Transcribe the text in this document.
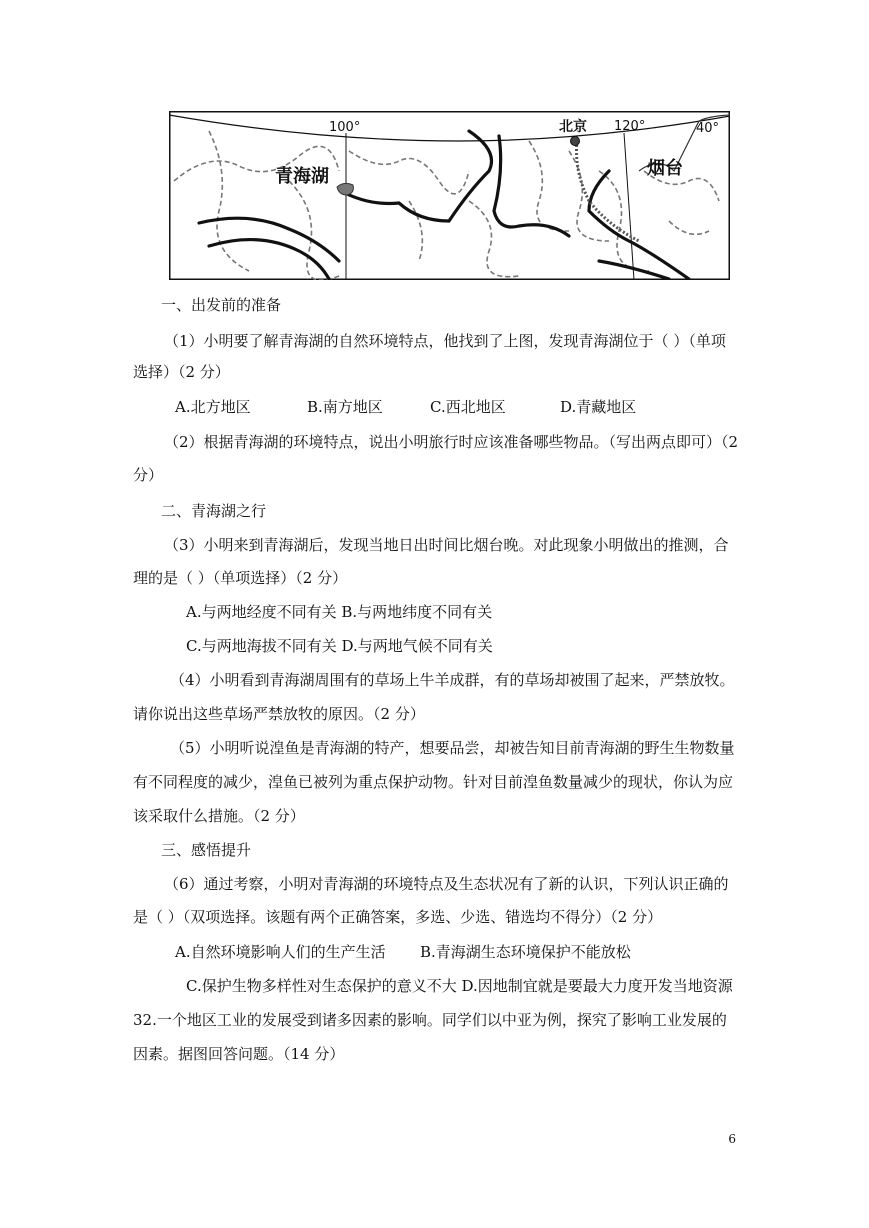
100°	120°	40°
北京
青海湖	烟台
一、出发前的准备
（1）小明要了解青海湖的自然环境特点，他找到了上图，发现青海湖位于（ ）（单项
选择）（2 分）
A.北方地区	B.南方地区	C.西北地区	D.青藏地区
（2）根据青海湖的环境特点，说出小明旅行时应该准备哪些物品。（写出两点即可）（2
分）
二、青海湖之行
（3）小明来到青海湖后，发现当地日出时间比烟台晚。对此现象小明做出的推测，合
理的是（ ）（单项选择）（2 分）
A.与两地经度不同有关 B.与两地纬度不同有关
C.与两地海拔不同有关 D.与两地气候不同有关
（4）小明看到青海湖周围有的草场上牛羊成群，有的草场却被围了起来，严禁放牧。
请你说出这些草场严禁放牧的原因。（2 分）
（5）小明听说湟鱼是青海湖的特产，想要品尝，却被告知目前青海湖的野生生物数量
有不同程度的减少，湟鱼已被列为重点保护动物。针对目前湟鱼数量减少的现状，你认为应
该采取什么措施。（2 分）
三、感悟提升
（6）通过考察，小明对青海湖的环境特点及生态状况有了新的认识，下列认识正确的
是（ ）（双项选择。该题有两个正确答案，多选、少选、错选均不得分）（2 分）
A.自然环境影响人们的生产生活 B.青海湖生态环境保护不能放松
C.保护生物多样性对生态保护的意义不大 D.因地制宜就是要最大力度开发当地资源
32.一个地区工业的发展受到诸多因素的影响。同学们以中亚为例，探究了影响工业发展的
因素。据图回答问题。（14 分）
6
